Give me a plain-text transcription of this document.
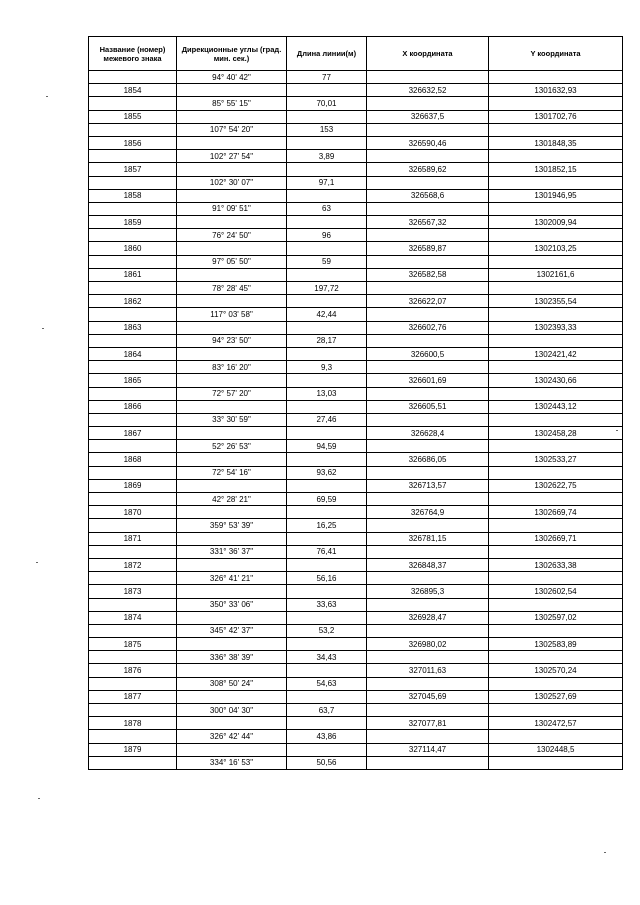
Название (номер) межевого знака	Дирекционные углы (град. мин. сек.)	Длина линии(м)	X координата	Y координата
	94° 40' 42"	77		
1854			326632,52	1301632,93
	85° 55' 15"	70,01		
1855			326637,5	1301702,76
	107° 54' 20"	153		
1856			326590,46	1301848,35
	102° 27' 54"	3,89		
1857			326589,62	1301852,15
	102° 30' 07"	97,1		
1858			326568,6	1301946,95
	91° 09' 51"	63		
1859			326567,32	1302009,94
	76° 24' 50"	96		
1860			326589,87	1302103,25
	97° 05' 50"	59		
1861			326582,58	1302161,6
	78° 28' 45"	197,72		
1862			326622,07	1302355,54
	117° 03' 58"	42,44		
1863			326602,76	1302393,33
	94° 23' 50"	28,17		
1864			326600,5	1302421,42
	83° 16' 20"	9,3		
1865			326601,69	1302430,66
	72° 57' 20"	13,03		
1866			326605,51	1302443,12
	33° 30' 59"	27,46		
1867			326628,4	1302458,28
	52° 26' 53"	94,59		
1868			326686,05	1302533,27
	72° 54' 16"	93,62		
1869			326713,57	1302622,75
	42° 28' 21"	69,59		
1870			326764,9	1302669,74
	359° 53' 39"	16,25		
1871			326781,15	1302669,71
	331° 36' 37"	76,41		
1872			326848,37	1302633,38
	326° 41' 21"	56,16		
1873			326895,3	1302602,54
	350° 33' 06"	33,63		
1874			326928,47	1302597,02
	345° 42' 37"	53,2		
1875			326980,02	1302583,89
	336° 38' 39"	34,43		
1876			327011,63	1302570,24
	308° 50' 24"	54,63		
1877			327045,69	1302527,69
	300° 04' 30"	63,7		
1878			327077,81	1302472,57
	326° 42' 44"	43,86		
1879			327114,47	1302448,5
	334° 16' 53"	50,56		
